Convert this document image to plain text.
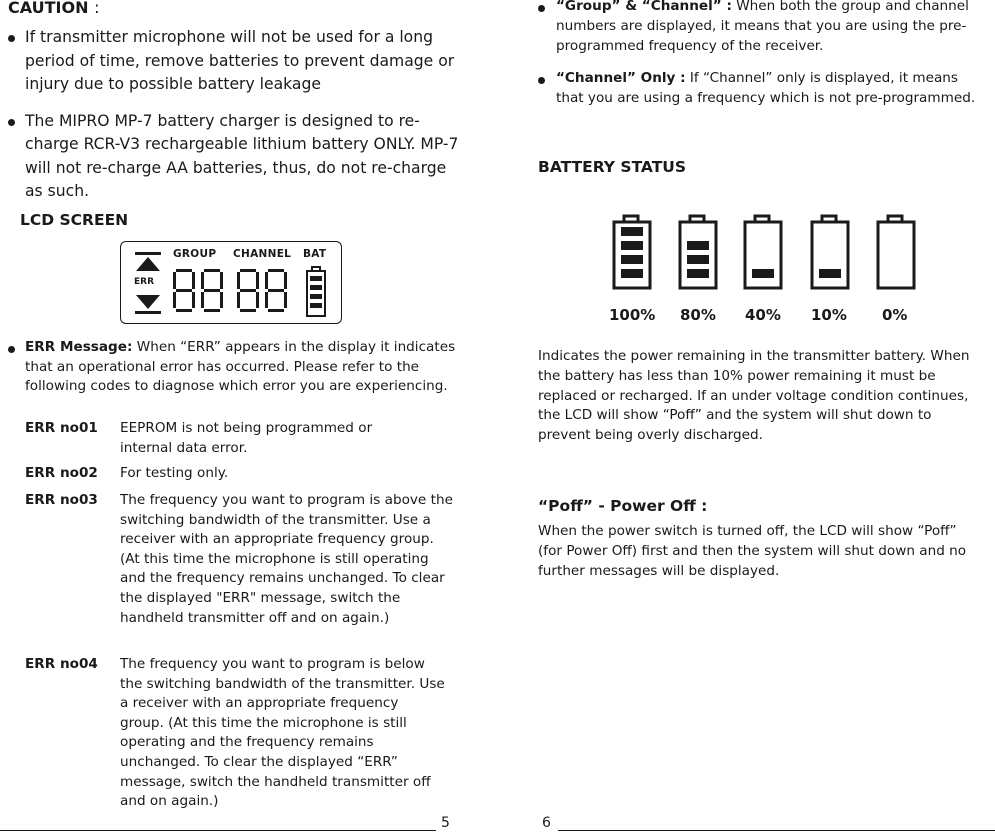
CAUTION :
If transmitter microphone will not be used for a long period of time, remove batteries to prevent damage or injury due to possible battery leakage
The MIPRO MP-7 battery charger is designed to re-charge RCR-V3 rechargeable lithium battery ONLY. MP-7 will not re-charge AA batteries, thus, do not re-charge as such.
LCD SCREEN
GROUP CHANNEL BAT
ERR
ERR Message: When “ERR” appears in the display it indicates that an operational error has occurred. Please refer to the following codes to diagnose which error you are experiencing.
ERR no01 EEPROM is not being programmed or internal data error.
ERR no02 For testing only.
ERR no03 The frequency you want to program is above the switching bandwidth of the transmitter. Use a receiver with an appropriate frequency group. (At this time the microphone is still operating and the frequency remains unchanged. To clear the displayed "ERR" message, switch the handheld transmitter off and on again.)
ERR no04 The frequency you want to program is below the switching bandwidth of the transmitter. Use a receiver with an appropriate frequency group. (At this time the microphone is still operating and the frequency remains unchanged. To clear the displayed “ERR” message, switch the handheld transmitter off and on again.)
5
“Group” & “Channel” : When both the group and channel numbers are displayed, it means that you are using the pre-programmed frequency of the receiver.
“Channel” Only : If “Channel” only is displayed, it means that you are using a frequency which is not pre-programmed.
BATTERY STATUS
100% 80% 40% 10% 0%
Indicates the power remaining in the transmitter battery. When the battery has less than 10% power remaining it must be replaced or recharged. If an under voltage condition continues, the LCD will show “Poff” and the system will shut down to prevent being overly discharged.
“Poff” - Power Off :
When the power switch is turned off, the LCD will show “Poff” (for Power Off) first and then the system will shut down and no further messages will be displayed.
6
